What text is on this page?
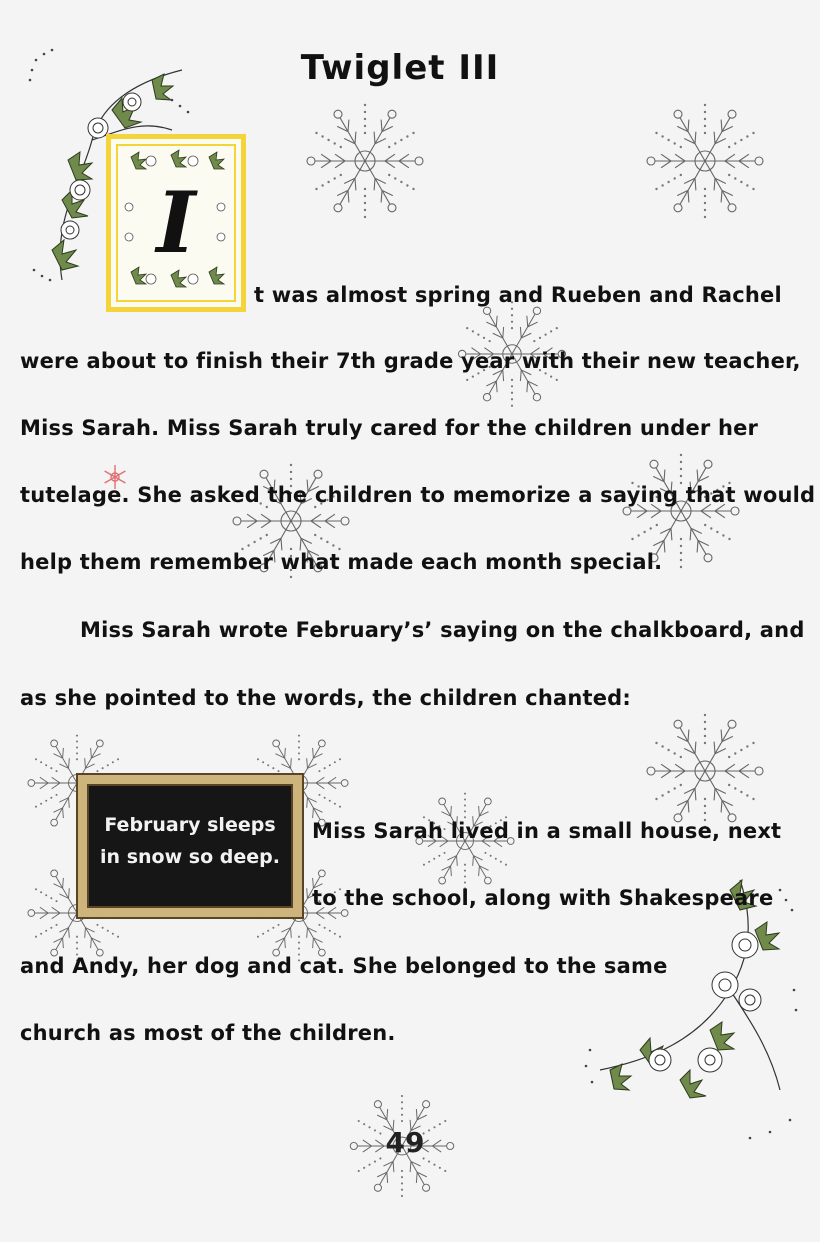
Twiglet III
I
t was almost spring and Rueben and Rachel
were about to finish their 7th grade year with their new teacher,
Miss Sarah. Miss Sarah truly cared for the children under her
tutelage. She asked the children to memorize a saying that would
help them remember what made each month special.
Miss Sarah wrote February’s’ saying on the chalkboard, and
as she pointed to the words, the children chanted:
Miss Sarah lived in a small house, next
to the school, along with Shakespeare
and Andy, her dog and cat. She belonged to the same
church as most of the children.
February sleeps
in snow so deep.
49
